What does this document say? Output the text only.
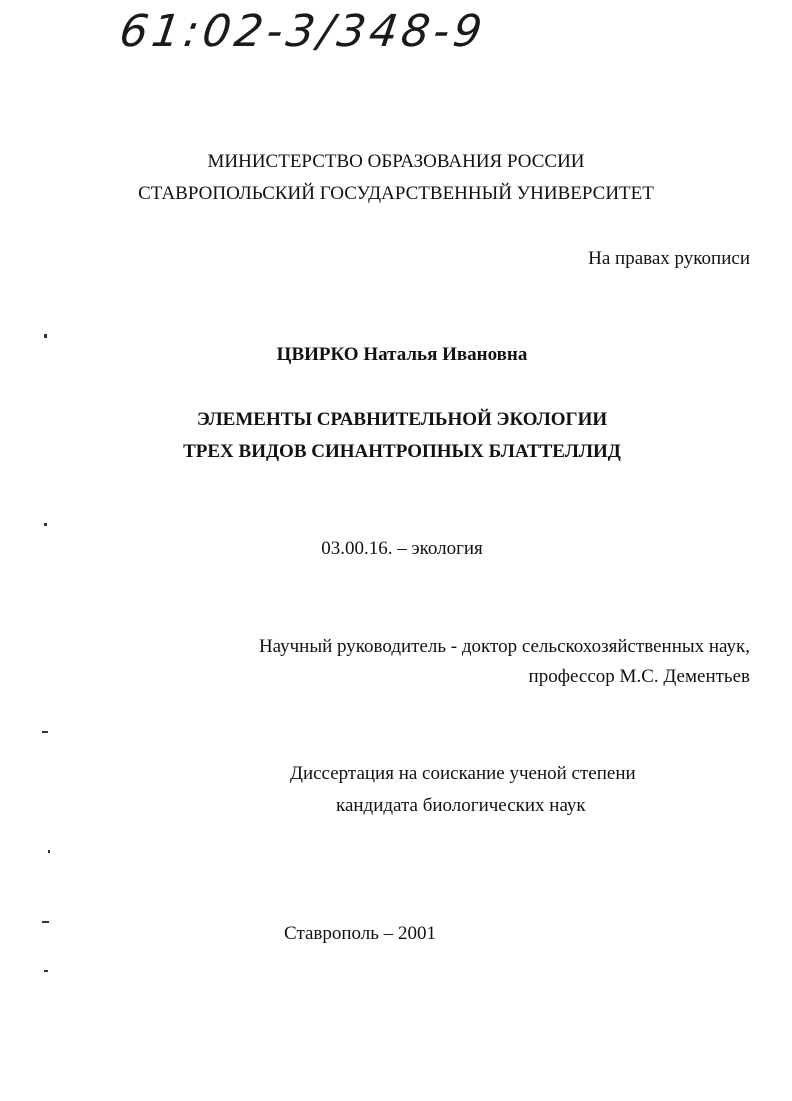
61:02-3/348-9
МИНИСТЕРСТВО ОБРАЗОВАНИЯ РОССИИ
СТАВРОПОЛЬСКИЙ ГОСУДАРСТВЕННЫЙ УНИВЕРСИТЕТ
На правах рукописи
ЦВИРКО Наталья Ивановна
ЭЛЕМЕНТЫ СРАВНИТЕЛЬНОЙ ЭКОЛОГИИ
ТРЕХ ВИДОВ СИНАНТРОПНЫХ БЛАТТЕЛЛИД
03.00.16. – экология
Научный руководитель - доктор сельскохозяйственных наук,
профессор М.С. Дементьев
Диссертация на соискание ученой степени
кандидата биологических наук
Ставрополь – 2001
